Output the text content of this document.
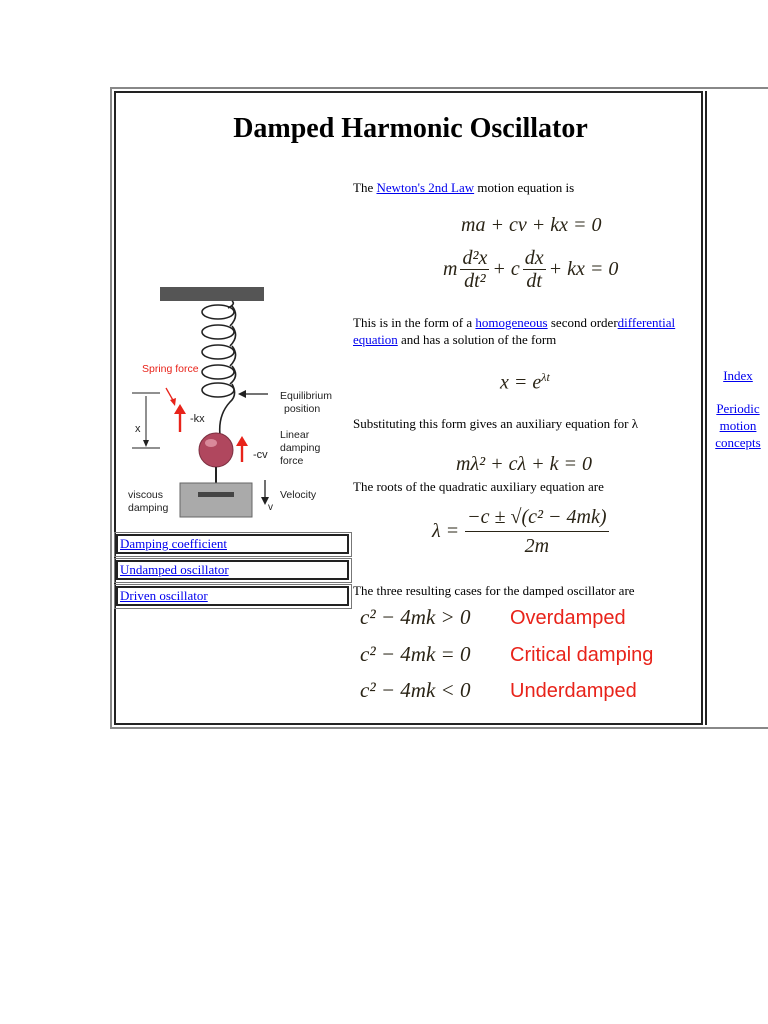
Damped Harmonic Oscillator
Spring force
-kx
x
Equilibrium position
-cv
Linear damping force
viscous damping
Velocity
v
Damping coefficient
Undamped oscillator
Driven oscillator
The Newton's 2nd Law motion equation is
ma + cv + kx = 0
m $\frac{\text{d²x}}{\text{dt²}} + c \frac{dx}{dt}$ + kx = 0
This is in the form of a homogeneous second orderdifferential equation and has a solution of the form
$x = e^{\lambda t}$
Substituting this form gives an auxiliary equation for λ
mλ² + cλ + k = 0
The roots of the quadratic auxiliary equation are
$\lambda = \frac{\text{−c ± √(c² − 4mk)}}{2m}$
The three resulting cases for the damped oscillator are
c² − 4mk > 0 Overdamped
c² − 4mk = 0 Critical damping
c² − 4mk < 0 Underdamped
Index
Periodic motion concepts
